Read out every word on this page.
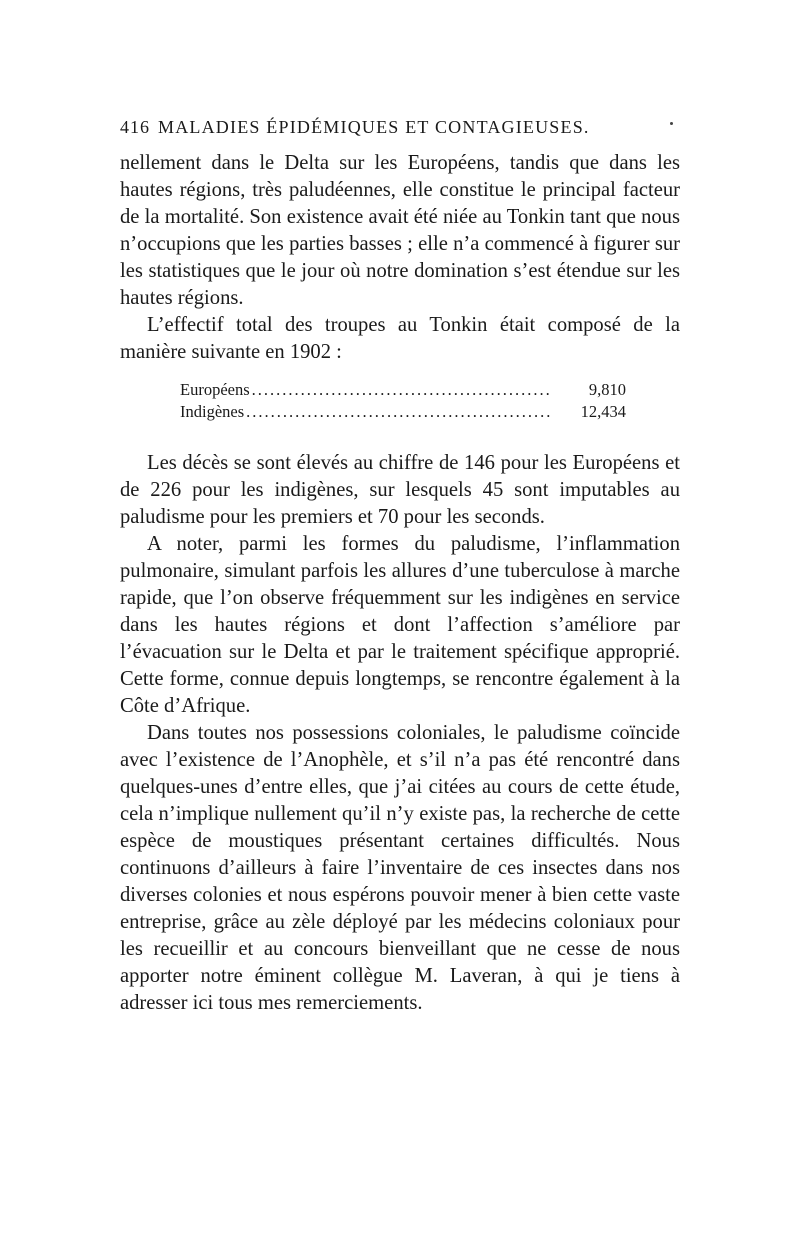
416 MALADIES ÉPIDÉMIQUES ET CONTAGIEUSES.

nellement dans le Delta sur les Européens, tandis que dans les hautes régions, très paludéennes, elle constitue le principal facteur de la mortalité. Son existence avait été niée au Tonkin tant que nous n’occupions que les parties basses ; elle n’a commencé à figurer sur les statistiques que le jour où notre domination s’est étendue sur les hautes régions.

L’effectif total des troupes au Tonkin était composé de la manière suivante en 1902 :

Européens .....	9,810
Indigènes .....	12,434

Les décès se sont élevés au chiffre de 146 pour les Européens et de 226 pour les indigènes, sur lesquels 45 sont imputables au paludisme pour les premiers et 70 pour les seconds.

A noter, parmi les formes du paludisme, l’inflammation pulmonaire, simulant parfois les allures d’une tuberculose à marche rapide, que l’on observe fréquemment sur les indigènes en service dans les hautes régions et dont l’affection s’améliore par l’évacuation sur le Delta et par le traitement spécifique approprié. Cette forme, connue depuis longtemps, se rencontre également à la Côte d’Afrique.

Dans toutes nos possessions coloniales, le paludisme coïncide avec l’existence de l’Anophèle, et s’il n’a pas été rencontré dans quelques-unes d’entre elles, que j’ai citées au cours de cette étude, cela n’implique nullement qu’il n’y existe pas, la recherche de cette espèce de moustiques présentant certaines difficultés. Nous continuons d’ailleurs à faire l’inventaire de ces insectes dans nos diverses colonies et nous espérons pouvoir mener à bien cette vaste entreprise, grâce au zèle déployé par les médecins coloniaux pour les recueillir et au concours bienveillant que ne cesse de nous apporter notre éminent collègue M. Laveran, à qui je tiens à adresser ici tous mes remerciements.
